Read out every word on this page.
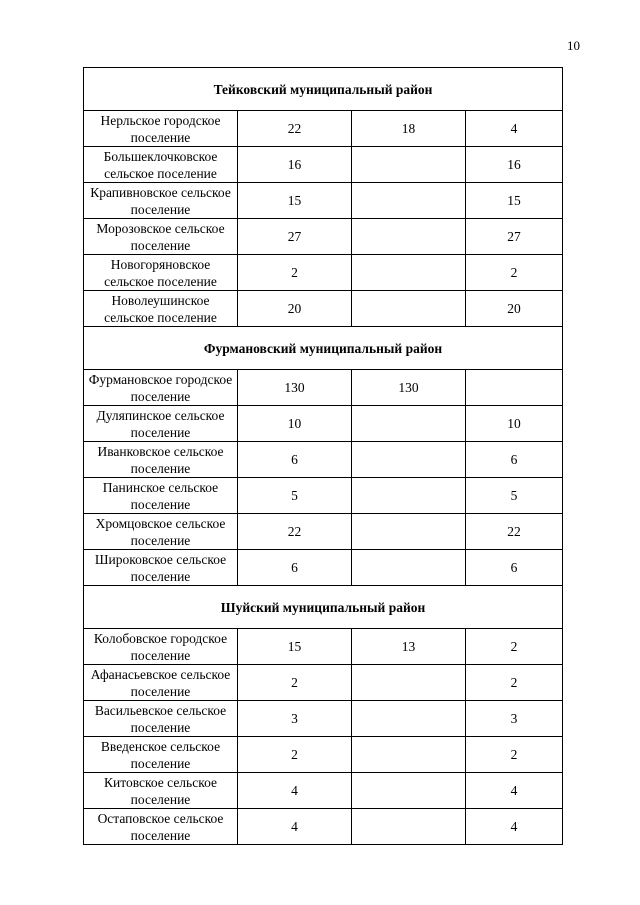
10
Тейковский муниципальный район			

Нерльское городское поселение	22	18	4

Большеклочковское сельское поселение	16		16

Крапивновское сельское поселение	15		15

Морозовское сельское поселение	27		27

Новогоряновское сельское поселение	2		2

Новолеушинское сельское поселение	20		20
Фурмановский муниципальный район			

Фурмановское городское поселение	130	130	

Дуляпинское сельское поселение	10		10

Иванковское сельское поселение	6		6

Панинское сельское поселение	5		5

Хромцовское сельское поселение	22		22

Широковское сельское поселение	6		6
Шуйский муниципальный район			

Колобовское городское поселение	15	13	2

Афанасьевское сельское поселение	2		2

Васильевское сельское поселение	3		3

Введенское сельское поселение	2		2

Китовское сельское поселение	4		4

Остаповское сельское поселение	4		4
